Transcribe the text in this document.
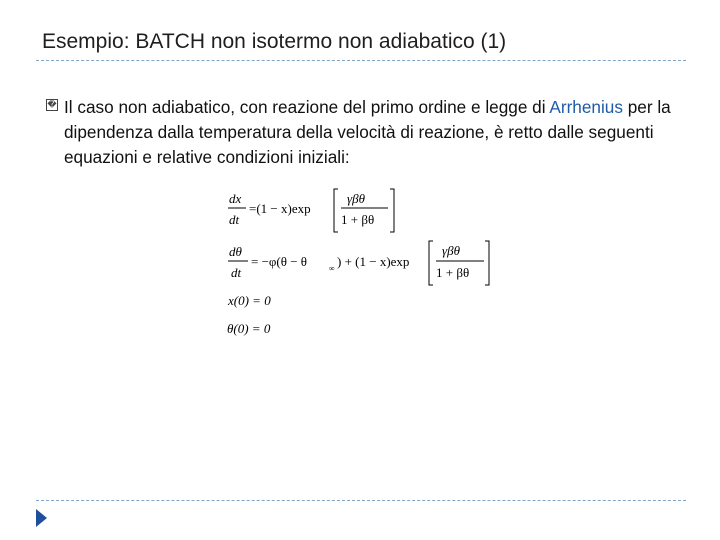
Esempio: BATCH non isotermo non adiabatico (1)
� Il caso non adiabatico, con reazione del primo ordine e legge di Arrhenius per la dipendenza dalla temperatura della velocità di reazione, è retto dalle seguenti equazioni e relative condizioni iniziali:
dx
dt
=(1 − x)exp
γβθ
1 + βθ
dθ
dt
= −φ(θ − θ	∞ ) + (1 − x)exp
γβθ
1 + βθ
x(0) = 0
θ(0) = 0
